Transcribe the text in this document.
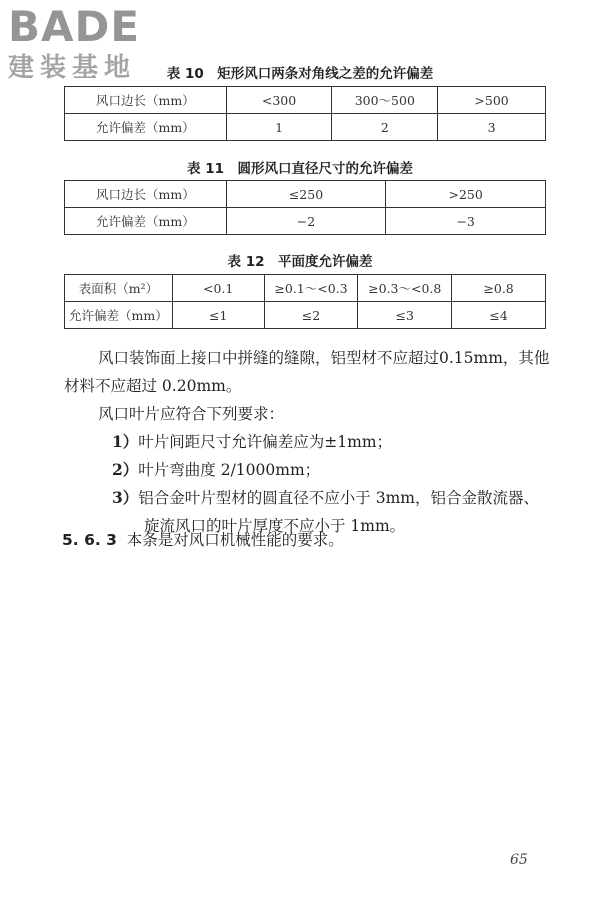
BADE
建装基地	表 10　矩形风口两条对角线之差的允许偏差
风口边长（mm）	<300	300～500	>500
允许偏差（mm）	1	2	3
表 11　圆形风口直径尺寸的允许偏差
风口边长（mm）	≤250	>250
允许偏差（mm）	−2	−3
表 12　平面度允许偏差
表面积（m²）	<0.1	≥0.1～<0.3	≥0.3～<0.8	≥0.8
允许偏差（mm）	≤1	≤2	≤3	≤4
风口装饰面上接口中拼缝的缝隙，铝型材不应超过0.15mm，其他材料不应超过 0.20mm。
风口叶片应符合下列要求：
1）叶片间距尺寸允许偏差应为±1mm；
2）叶片弯曲度 2/1000mm；
3）铝合金叶片型材的圆直径不应小于 3mm，铝合金散流器、旋流风口的叶片厚度不应小于 1mm。
5. 6. 3 本条是对风口机械性能的要求。
65
